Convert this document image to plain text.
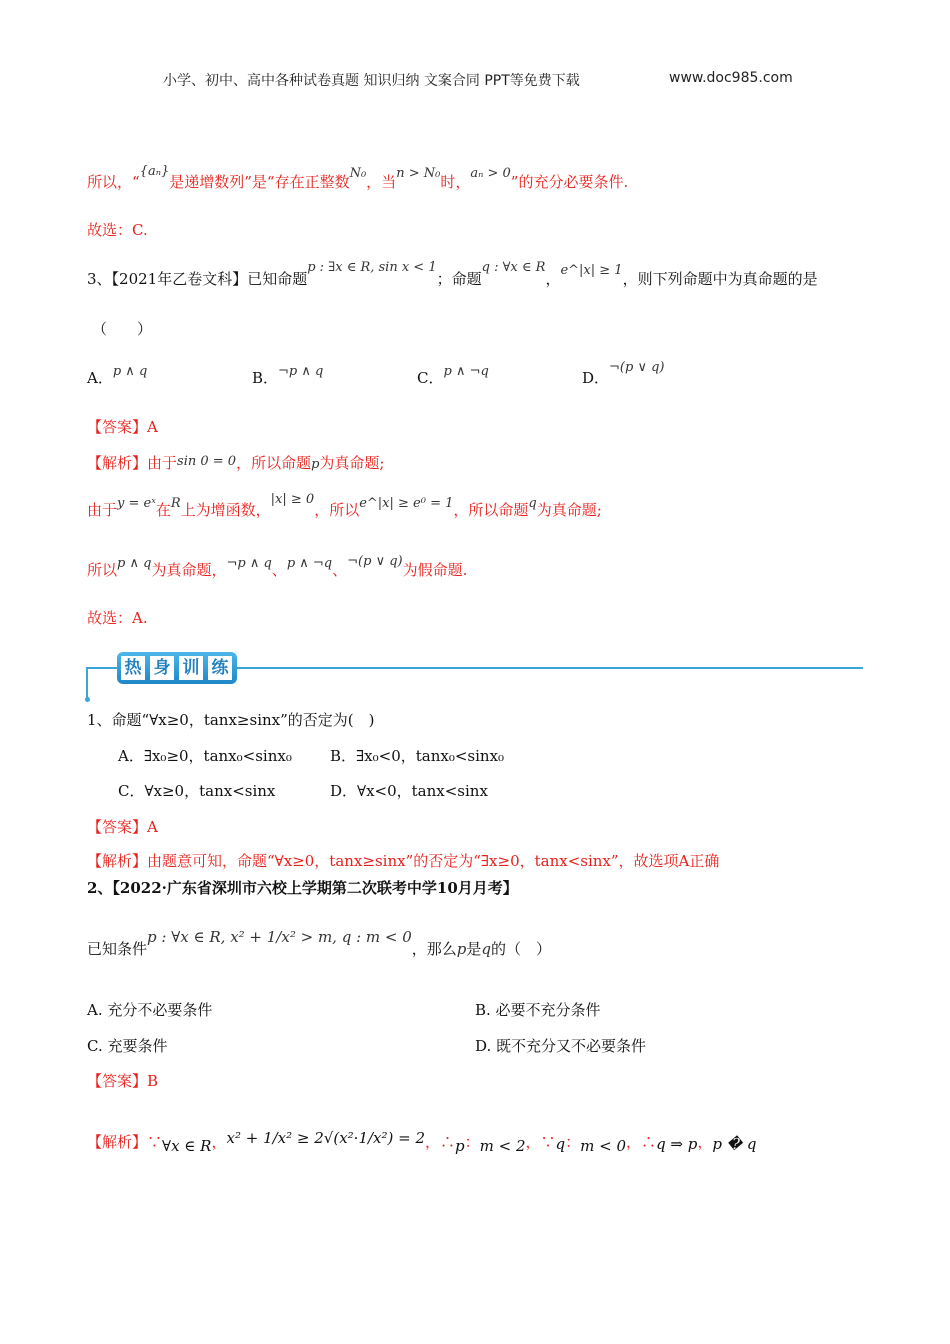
小学、初中、高中各种试卷真题 知识归纳 文案合同 PPT等免费下载	www.doc985.com
所以，“{aₙ}是递增数列”是“存在正整数N₀，当n > N₀时，aₙ > 0”的充分必要条件.
故选：C.
3、【2021年乙卷文科】已知命题p : ∃x ∈ R, sin x < 1；命题q : ∀x ∈ R，e^|x| ≥ 1，则下列命题中为真命题的是
（　　）
A．p ∧ q	B．¬p ∧ q	C．p ∧ ¬q	D．¬(p ∨ q)
【答案】A
【解析】由于sin 0 = 0，所以命题p为真命题;
由于y = eˣ在R上为增函数，|x| ≥ 0，所以e^|x| ≥ e⁰ = 1，所以命题q为真命题;
所以p ∧ q为真命题，¬p ∧ q、p ∧ ¬q、¬(p ∨ q)为假命题.
故选：A.
热 身 训 练
1、命题“∀x≥0，tanx≥sinx”的否定为(　)
A．∃x₀≥0，tanx₀<sinx₀	B．∃x₀<0，tanx₀<sinx₀
C．∀x≥0，tanx<sinx	D．∀x<0，tanx<sinx
【答案】A
【解析】由题意可知，命题“∀x≥0，tanx≥sinx”的否定为“∃x≥0，tanx<sinx”，故选项A正确
2、【2022·广东省深圳市六校上学期第二次联考中学10月月考】
已知条件p : ∀x ∈ R, x² + 1/x² > m, q : m < 0，那么p是q的（　）
A. 充分不必要条件	B. 必要不充分条件
C. 充要条件	D. 既不充分又不必要条件
【答案】B
【解析】∵∀x ∈ R，x² + 1/x² ≥ 2√(x²·1/x²) = 2，∴p：m < 2，∵q：m < 0，∴q ⇒ p，p � q
